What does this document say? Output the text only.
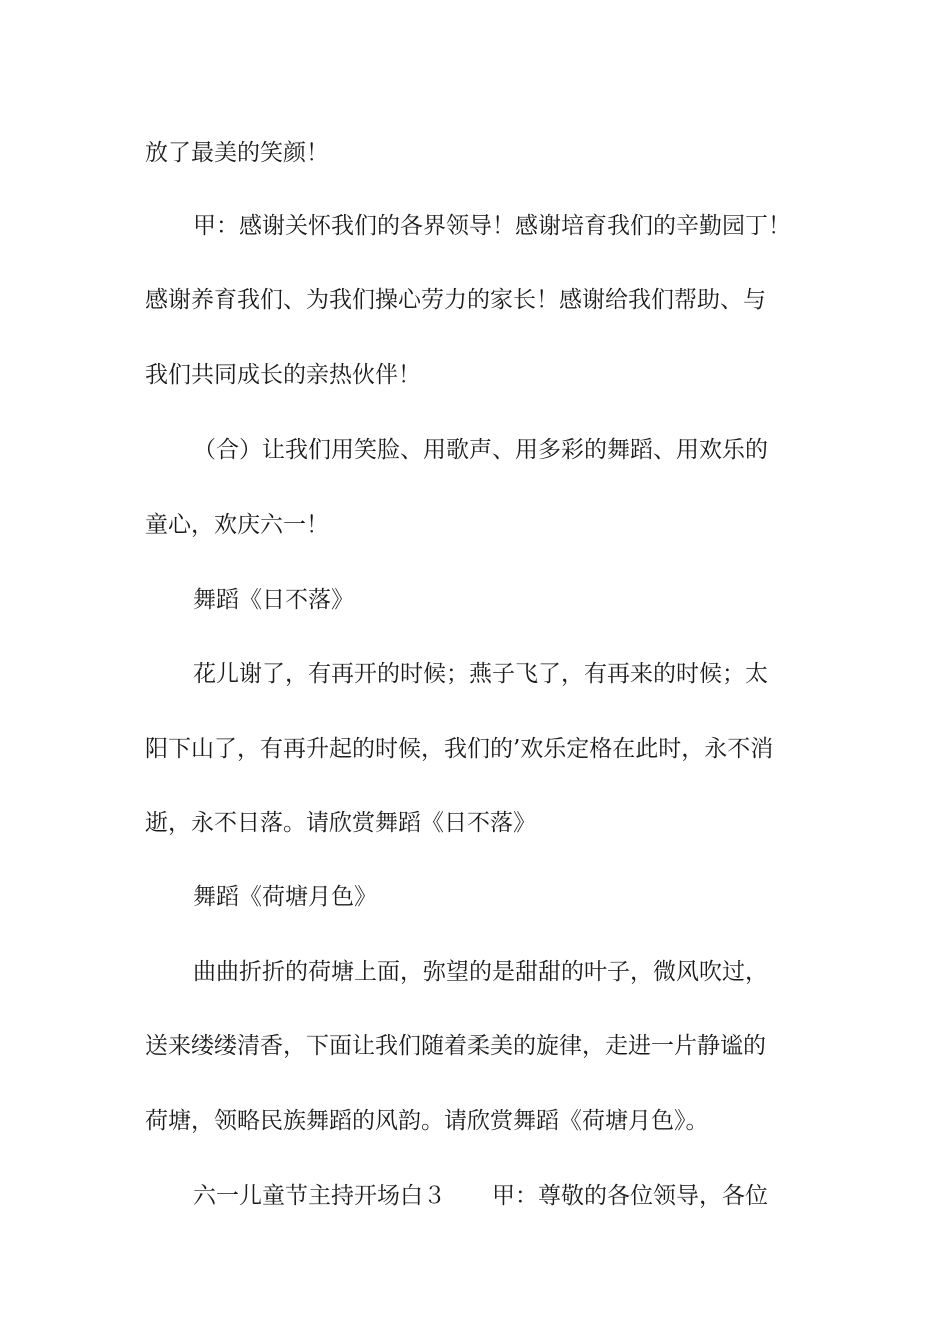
放了最美的笑颜！

甲：感谢关怀我们的各界领导！感谢培育我们的辛勤园丁！

感谢养育我们、为我们操心劳力的家长！感谢给我们帮助、与

我们共同成长的亲热伙伴！

（合）让我们用笑脸、用歌声、用多彩的舞蹈、用欢乐的

童心，欢庆六一！

舞蹈《日不落》

花儿谢了，有再开的时候；燕子飞了，有再来的时候；太

阳下山了，有再升起的时候，我们的’欢乐定格在此时，永不消

逝，永不日落。请欣赏舞蹈《日不落》

舞蹈《荷塘月色》

曲曲折折的荷塘上面，弥望的是甜甜的叶子，微风吹过，

送来缕缕清香，下面让我们随着柔美的旋律，走进一片静谧的

荷塘，领略民族舞蹈的风韵。请欣赏舞蹈《荷塘月色》。

六一儿童节主持开场白３　　甲：尊敬的各位领导，各位
